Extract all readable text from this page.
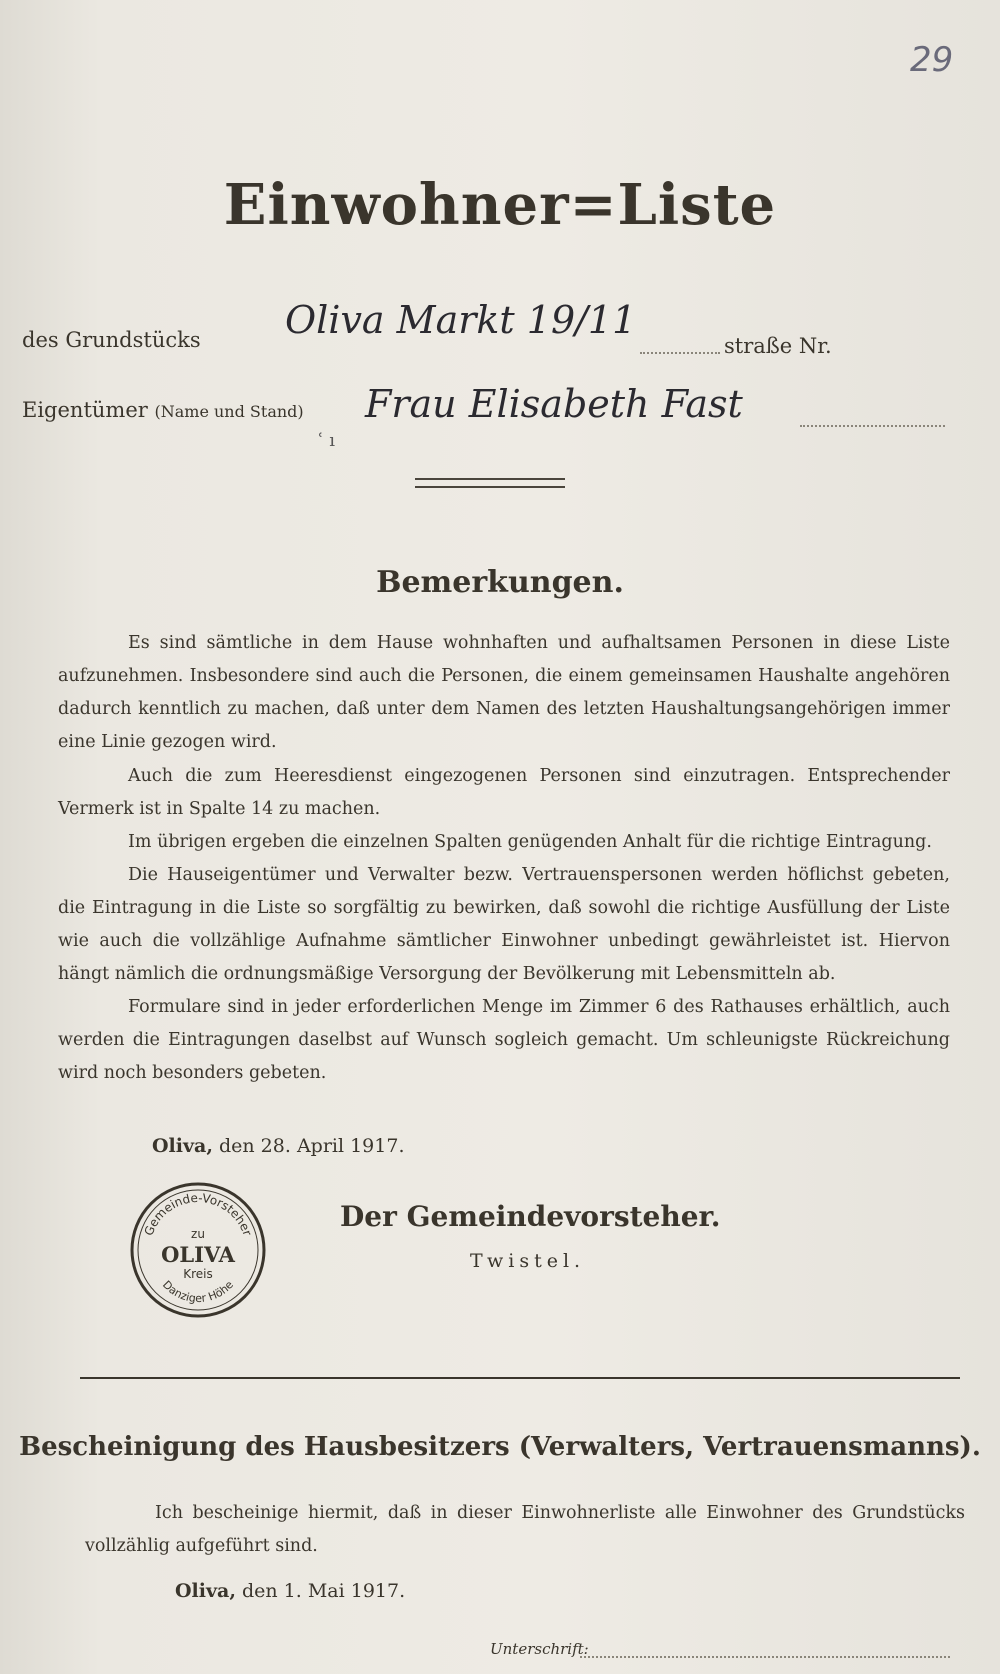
29
Einwohner=Liste
des Grundstücks Oliva Markt 19/11
straße Nr.
Eigentümer (Name und Stand) Frau Elisabeth Fast
ʿ ı
Bemerkungen.

Es sind sämtliche in dem Hause wohnhaften und aufhaltsamen Personen in diese Liste aufzunehmen. Insbesondere sind auch die Personen, die einem gemeinsamen Haushalte angehören dadurch kenntlich zu machen, daß unter dem Namen des letzten Haushaltungsangehörigen immer eine Linie gezogen wird.

Auch die zum Heeresdienst eingezogenen Personen sind einzutragen. Entsprechender Vermerk ist in Spalte 14 zu machen.

Im übrigen ergeben die einzelnen Spalten genügenden Anhalt für die richtige Eintragung.

Die Hauseigentümer und Verwalter bezw. Vertrauenspersonen werden höflichst gebeten, die Eintragung in die Liste so sorgfältig zu bewirken, daß sowohl die richtige Ausfüllung der Liste wie auch die vollzählige Aufnahme sämtlicher Einwohner unbedingt gewährleistet ist. Hiervon hängt nämlich die ordnungsmäßige Versorgung der Bevölkerung mit Lebensmitteln ab.

Formulare sind in jeder erforderlichen Menge im Zimmer 6 des Rathauses erhältlich, auch werden die Eintragungen daselbst auf Wunsch sogleich gemacht. Um schleunigste Rückreichung wird noch besonders gebeten.

Oliva, den 28. April 1917.
Gemeinde-Vorsteher
zu
OLIVA
Kreis
Danziger Höhe
Der Gemeindevorsteher.
Twistel.
Bescheinigung des Hausbesitzers (Verwalters, Vertrauensmanns).

Ich bescheinige hiermit, daß in dieser Einwohnerliste alle Einwohner des Grundstücks vollzählig aufgeführt sind.

Oliva, den 1. Mai 1917.
Unterschrift:
